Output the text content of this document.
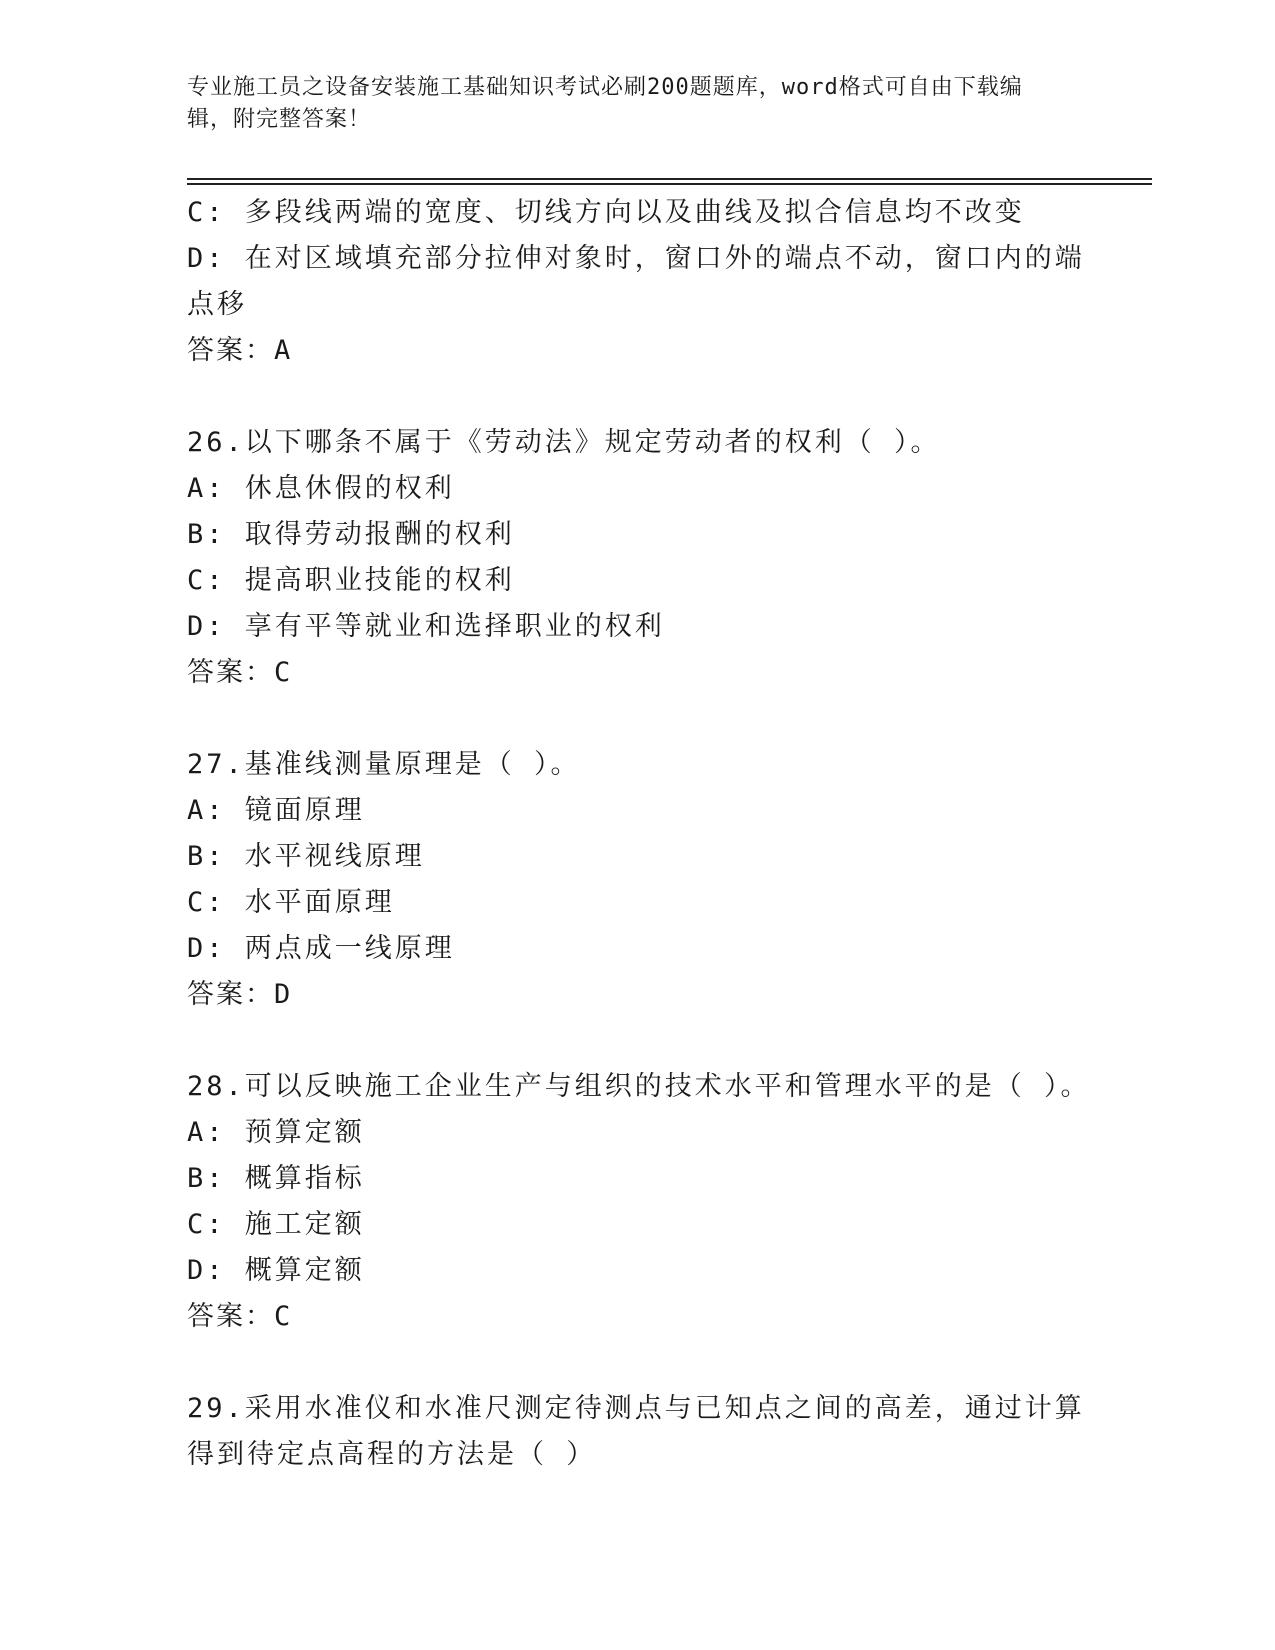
专业施工员之设备安装施工基础知识考试必刷200题题库，word格式可自由下载编辑，附完整答案！
C: 多段线两端的宽度、切线方向以及曲线及拟合信息均不改变
D: 在对区域填充部分拉伸对象时，窗口外的端点不动，窗口内的端点移
答案：A
26.以下哪条不属于《劳动法》规定劳动者的权利（ ）。
A: 休息休假的权利
B: 取得劳动报酬的权利
C: 提高职业技能的权利
D: 享有平等就业和选择职业的权利
答案：C
27.基准线测量原理是（ ）。
A: 镜面原理
B: 水平视线原理
C: 水平面原理
D: 两点成一线原理
答案：D
28.可以反映施工企业生产与组织的技术水平和管理水平的是（ ）。
A: 预算定额
B: 概算指标
C: 施工定额
D: 概算定额
答案：C
29.采用水准仪和水准尺测定待测点与已知点之间的高差，通过计算得到待定点高程的方法是（ ）
